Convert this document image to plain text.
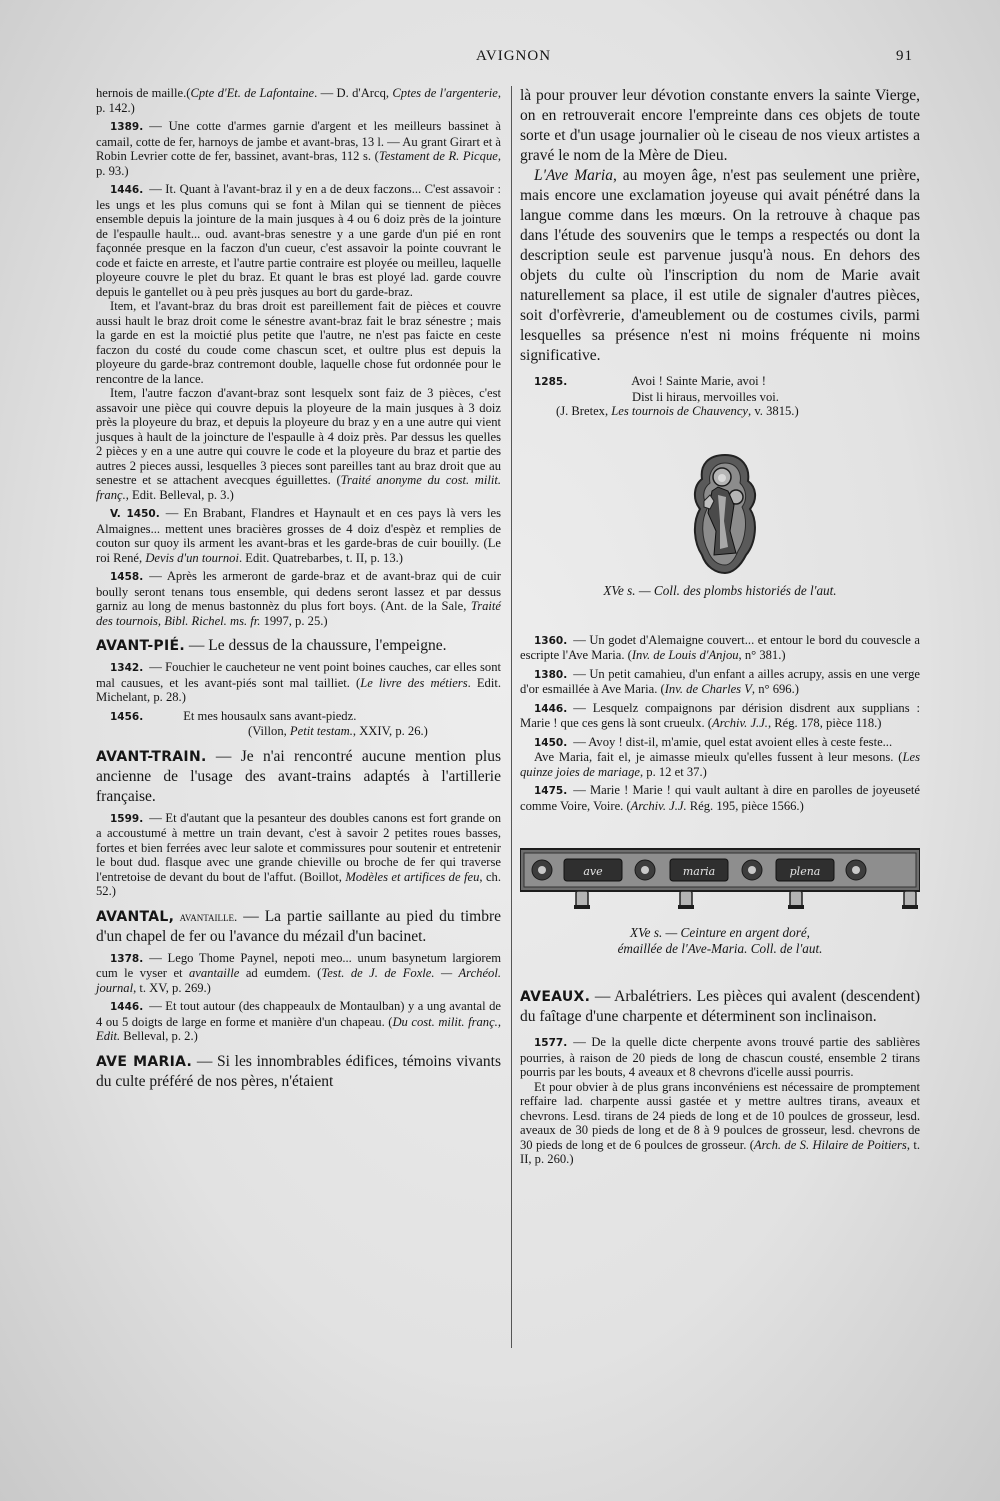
AVIGNON	91

hernois de maille.(Cpte d'Et. de Lafontaine. — D. d'Arcq, Cptes de l'argenterie, p. 142.)

1389. — Une cotte d'armes garnie d'argent et les meilleurs bassinet à camail, cotte de fer, harnoys de jambe et avant-bras, 13 l. — Au grant Girart et à Robin Levrier cotte de fer, bassinet, avant-bras, 112 s. (Testament de R. Picque, p. 93.)

1446. — It. Quant à l'avant-braz il y en a de deux faczons... C'est assavoir : les ungs et les plus comuns qui se font à Milan qui se tiennent de pièces ensemble depuis la jointure de la main jusques à 4 ou 6 doiz près de la jointure de l'espaulle hault... oud. avant-bras senestre y a une garde d'un pié en ront façonnée presque en la faczon d'un cueur, c'est assavoir la pointe couvrant le code et faicte en arreste, et l'autre partie contraire est ployée ou meilleu, laquelle ployeure couvre le plet du braz. Et quant le bras est ployé lad. garde couvre depuis le gantellet ou à peu près jusques au bort du garde-braz.

Item, et l'avant-braz du bras droit est pareillement fait de pièces et couvre aussi hault le braz droit come le sénestre avant-braz fait le braz sénestre ; mais la garde en est la moictié plus petite que l'autre, ne n'est pas faicte en ceste faczon du costé du coude come chascun scet, et oultre plus est depuis la ployeure du garde-braz contremont double, laquelle chose fut ordonnée pour le rencontre de la lance.

Item, l'autre faczon d'avant-braz sont lesquelx sont faiz de 3 pièces, c'est assavoir une pièce qui couvre depuis la ployeure de la main jusques à 3 doiz près la ployeure du braz, et depuis la ployeure du braz y en a une autre qui vient jusques à hault de la joincture de l'espaulle à 4 doiz près. Par dessus les quelles 2 pièces y en a une autre qui couvre le code et la ployeure du braz et partie des autres 2 pieces aussi, lesquelles 3 pieces sont pareilles tant au braz droit que au senestre et se attachent avecques éguillettes. (Traité anonyme du cost. milit. franç., Edit. Belleval, p. 3.)

V. 1450. — En Brabant, Flandres et Haynault et en ces pays là vers les Almaignes... mettent unes bracières grosses de 4 doiz d'espèz et remplies de couton sur quoy ils arment les avant-bras et les garde-bras de cuir bouilly. (Le roi René, Devis d'un tournoi. Edit. Quatrebarbes, t. II, p. 13.)

1458. — Après les armeront de garde-braz et de avant-braz qui de cuir boully seront tenans tous ensemble, qui dedens seront lassez et par dessus garniz au long de menus bastonnèz du plus fort boys. (Ant. de la Sale, Traité des tournois, Bibl. Richel. ms. fr. 1997, p. 25.)

AVANT-PIÉ. — Le dessus de la chaussure, l'empeigne.

1342. — Fouchier le caucheteur ne vent point boines cauches, car elles sont mal causues, et les avant-piés sont mal tailliet. (Le livre des métiers. Edit. Michelant, p. 28.)

1456.	Et mes housaulx sans avant-piedz.

(Villon, Petit testam., XXIV, p. 26.)

AVANT-TRAIN. — Je n'ai rencontré aucune mention plus ancienne de l'usage des avant-trains adaptés à l'artillerie française.

1599. — Et d'autant que la pesanteur des doubles canons est fort grande on a accoustumé à mettre un train devant, c'est à savoir 2 petites roues basses, fortes et bien ferrées avec leur salote et commissures pour soutenir et entretenir le bout dud. flasque avec une grande chieville ou broche de fer qui traverse l'entretoise de devant du bout de l'affut. (Boillot, Modèles et artifices de feu, ch. 52.)

AVANTAL, avantaille. — La partie saillante au pied du timbre d'un chapel de fer ou l'avance du mézail d'un bacinet.

1378. — Lego Thome Paynel, nepoti meo... unum basynetum largiorem cum le vyser et avantaille ad eumdem. (Test. de J. de Foxle. — Archéol. journal, t. XV, p. 269.)

1446. — Et tout autour (des chappeaulx de Montaulban) y a ung avantal de 4 ou 5 doigts de large en forme et manière d'un chapeau. (Du cost. milit. franç., Edit. Belleval, p. 2.)

AVE MARIA. — Si les innombrables édifices, témoins vivants du culte préféré de nos pères, n'étaient

là pour prouver leur dévotion constante envers la sainte Vierge, on en retrouverait encore l'empreinte dans ces objets de toute sorte et d'un usage journalier où le ciseau de nos vieux artistes a gravé le nom de la Mère de Dieu.

L'Ave Maria, au moyen âge, n'est pas seulement une prière, mais encore une exclamation joyeuse qui avait pénétré dans la langue comme dans les mœurs. On la retrouve à chaque pas dans l'étude des souvenirs que le temps a respectés ou dont la description seule est parvenue jusqu'à nous. En dehors des objets du culte où l'inscription du nom de Marie avait naturellement sa place, il est utile de signaler d'autres pièces, soit d'orfèvrerie, d'ameublement ou de costumes civils, parmi lesquelles sa présence n'est ni moins fréquente ni moins significative.

1285.	Avoi ! Sainte Marie, avoi !

Dist li hiraus, mervoilles voi.

(J. Bretex, Les tournois de Chauvency, v. 3815.)

XVe s. — Coll. des plombs historiés de l'aut.

1360. — Un godet d'Alemaigne couvert... et entour le bord du couvescle a escripte l'Ave Maria. (Inv. de Louis d'Anjou, n° 381.)

1380. — Un petit camahieu, d'un enfant a ailles acrupy, assis en une verge d'or esmaillée à Ave Maria. (Inv. de Charles V, n° 696.)

1446. — Lesquelz compaignons par dérision disdrent aux supplians : Marie ! que ces gens là sont crueulx. (Archiv. J.J., Rég. 178, pièce 118.)

1450. — Avoy ! dist-il, m'amie, quel estat avoient elles à ceste feste...

Ave Maria, fait el, je aimasse mieulx qu'elles fussent à leur mesons. (Les quinze joies de mariage, p. 12 et 37.)

1475. — Marie ! Marie ! qui vault aultant à dire en parolles de joyeuseté comme Voire, Voire. (Archiv. J.J. Rég. 195, pièce 1566.)

ave	maria	plena

XVe s. — Ceinture en argent doré,

émaillée de l'Ave-Maria. Coll. de l'aut.

AVEAUX. — Arbalétriers. Les pièces qui avalent (descendent) du faîtage d'une charpente et déterminent son inclinaison.

1577. — De la quelle dicte cherpente avons trouvé partie des sablières pourries, à raison de 20 pieds de long de chascun cousté, ensemble 2 tirans pourris par les bouts, 4 aveaux et 8 chevrons d'icelle aussi pourris.

Et pour obvier à de plus grans inconvéniens est nécessaire de promptement reffaire lad. charpente aussi gastée et y mettre aultres tirans, aveaux et chevrons. Lesd. tirans de 24 pieds de long et de 10 poulces de grosseur, lesd. aveaux de 30 pieds de long et de 8 à 9 poulces de grosseur, lesd. chevrons de 30 pieds de long et de 6 poulces de grosseur. (Arch. de S. Hilaire de Poitiers, t. II, p. 260.)
